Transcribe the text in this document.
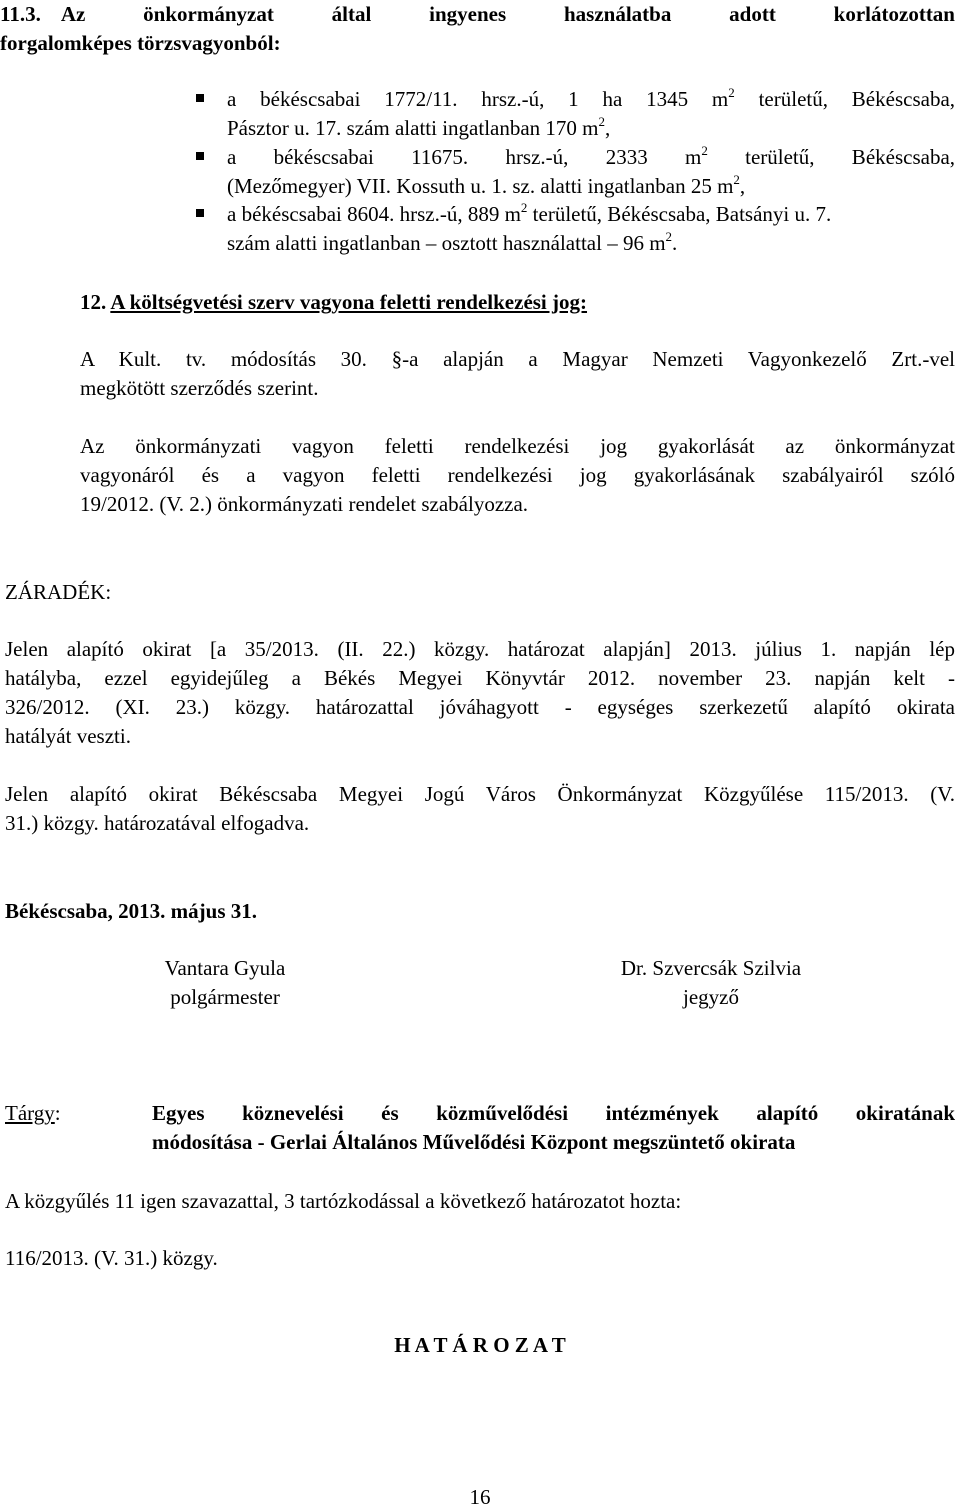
11.3. Az önkormányzat által ingyenes használatba adott korlátozottan
forgalomképes törzsvagyonból:
a békéscsabai 1772/11. hrsz.-ú, 1 ha 1345 $m^2$ területű, Békéscsaba,
Pásztor u. 17. szám alatti ingatlanban 170 $m^2$,
a békéscsabai 11675. hrsz.-ú, 2333 $m^2$ területű, Békéscsaba,
(Mezőmegyer) VII. Kossuth u. 1. sz. alatti ingatlanban 25 $m^2$,
a békéscsabai 8604. hrsz.-ú, 889 $m^2$ területű, Békéscsaba, Batsányi u. 7.
szám alatti ingatlanban – osztott használattal – 96 $m^2$.
12. A költségvetési szerv vagyona feletti rendelkezési jog:

A Kult. tv. módosítás 30. §-a alapján a Magyar Nemzeti Vagyonkezelő Zrt.-vel

megkötött szerződés szerint.

Az önkormányzati vagyon feletti rendelkezési jog gyakorlását az önkormányzat

vagyonáról és a vagyon feletti rendelkezési jog gyakorlásának szabályairól szóló

19/2012. (V. 2.) önkormányzati rendelet szabályozza.

ZÁRADÉK:

Jelen alapító okirat [a 35/2013. (II. 22.) közgy. határozat alapján] 2013. július 1. napján lép

hatályba, ezzel egyidejűleg a Békés Megyei Könyvtár 2012. november 23. napján kelt -

326/2012. (XI. 23.) közgy. határozattal jóváhagyott - egységes szerkezetű alapító okirata

hatályát veszti.

Jelen alapító okirat Békéscsaba Megyei Jogú Város Önkormányzat Közgyűlése 115/2013. (V.

31.) közgy. határozatával elfogadva.

Békéscsaba, 2013. május 31.
Vantara Gyula
polgármester
Dr. Szvercsák Szilvia
jegyző
Tárgy:	Egyes köznevelési és közművelődési intézmények alapító okiratának
módosítása - Gerlai Általános Művelődési Központ megszüntető okirata
A közgyűlés 11 igen szavazattal, 3 tartózkodással a következő határozatot hozta:
116/2013. (V. 31.) közgy.
H A T Á R O Z A T
16
